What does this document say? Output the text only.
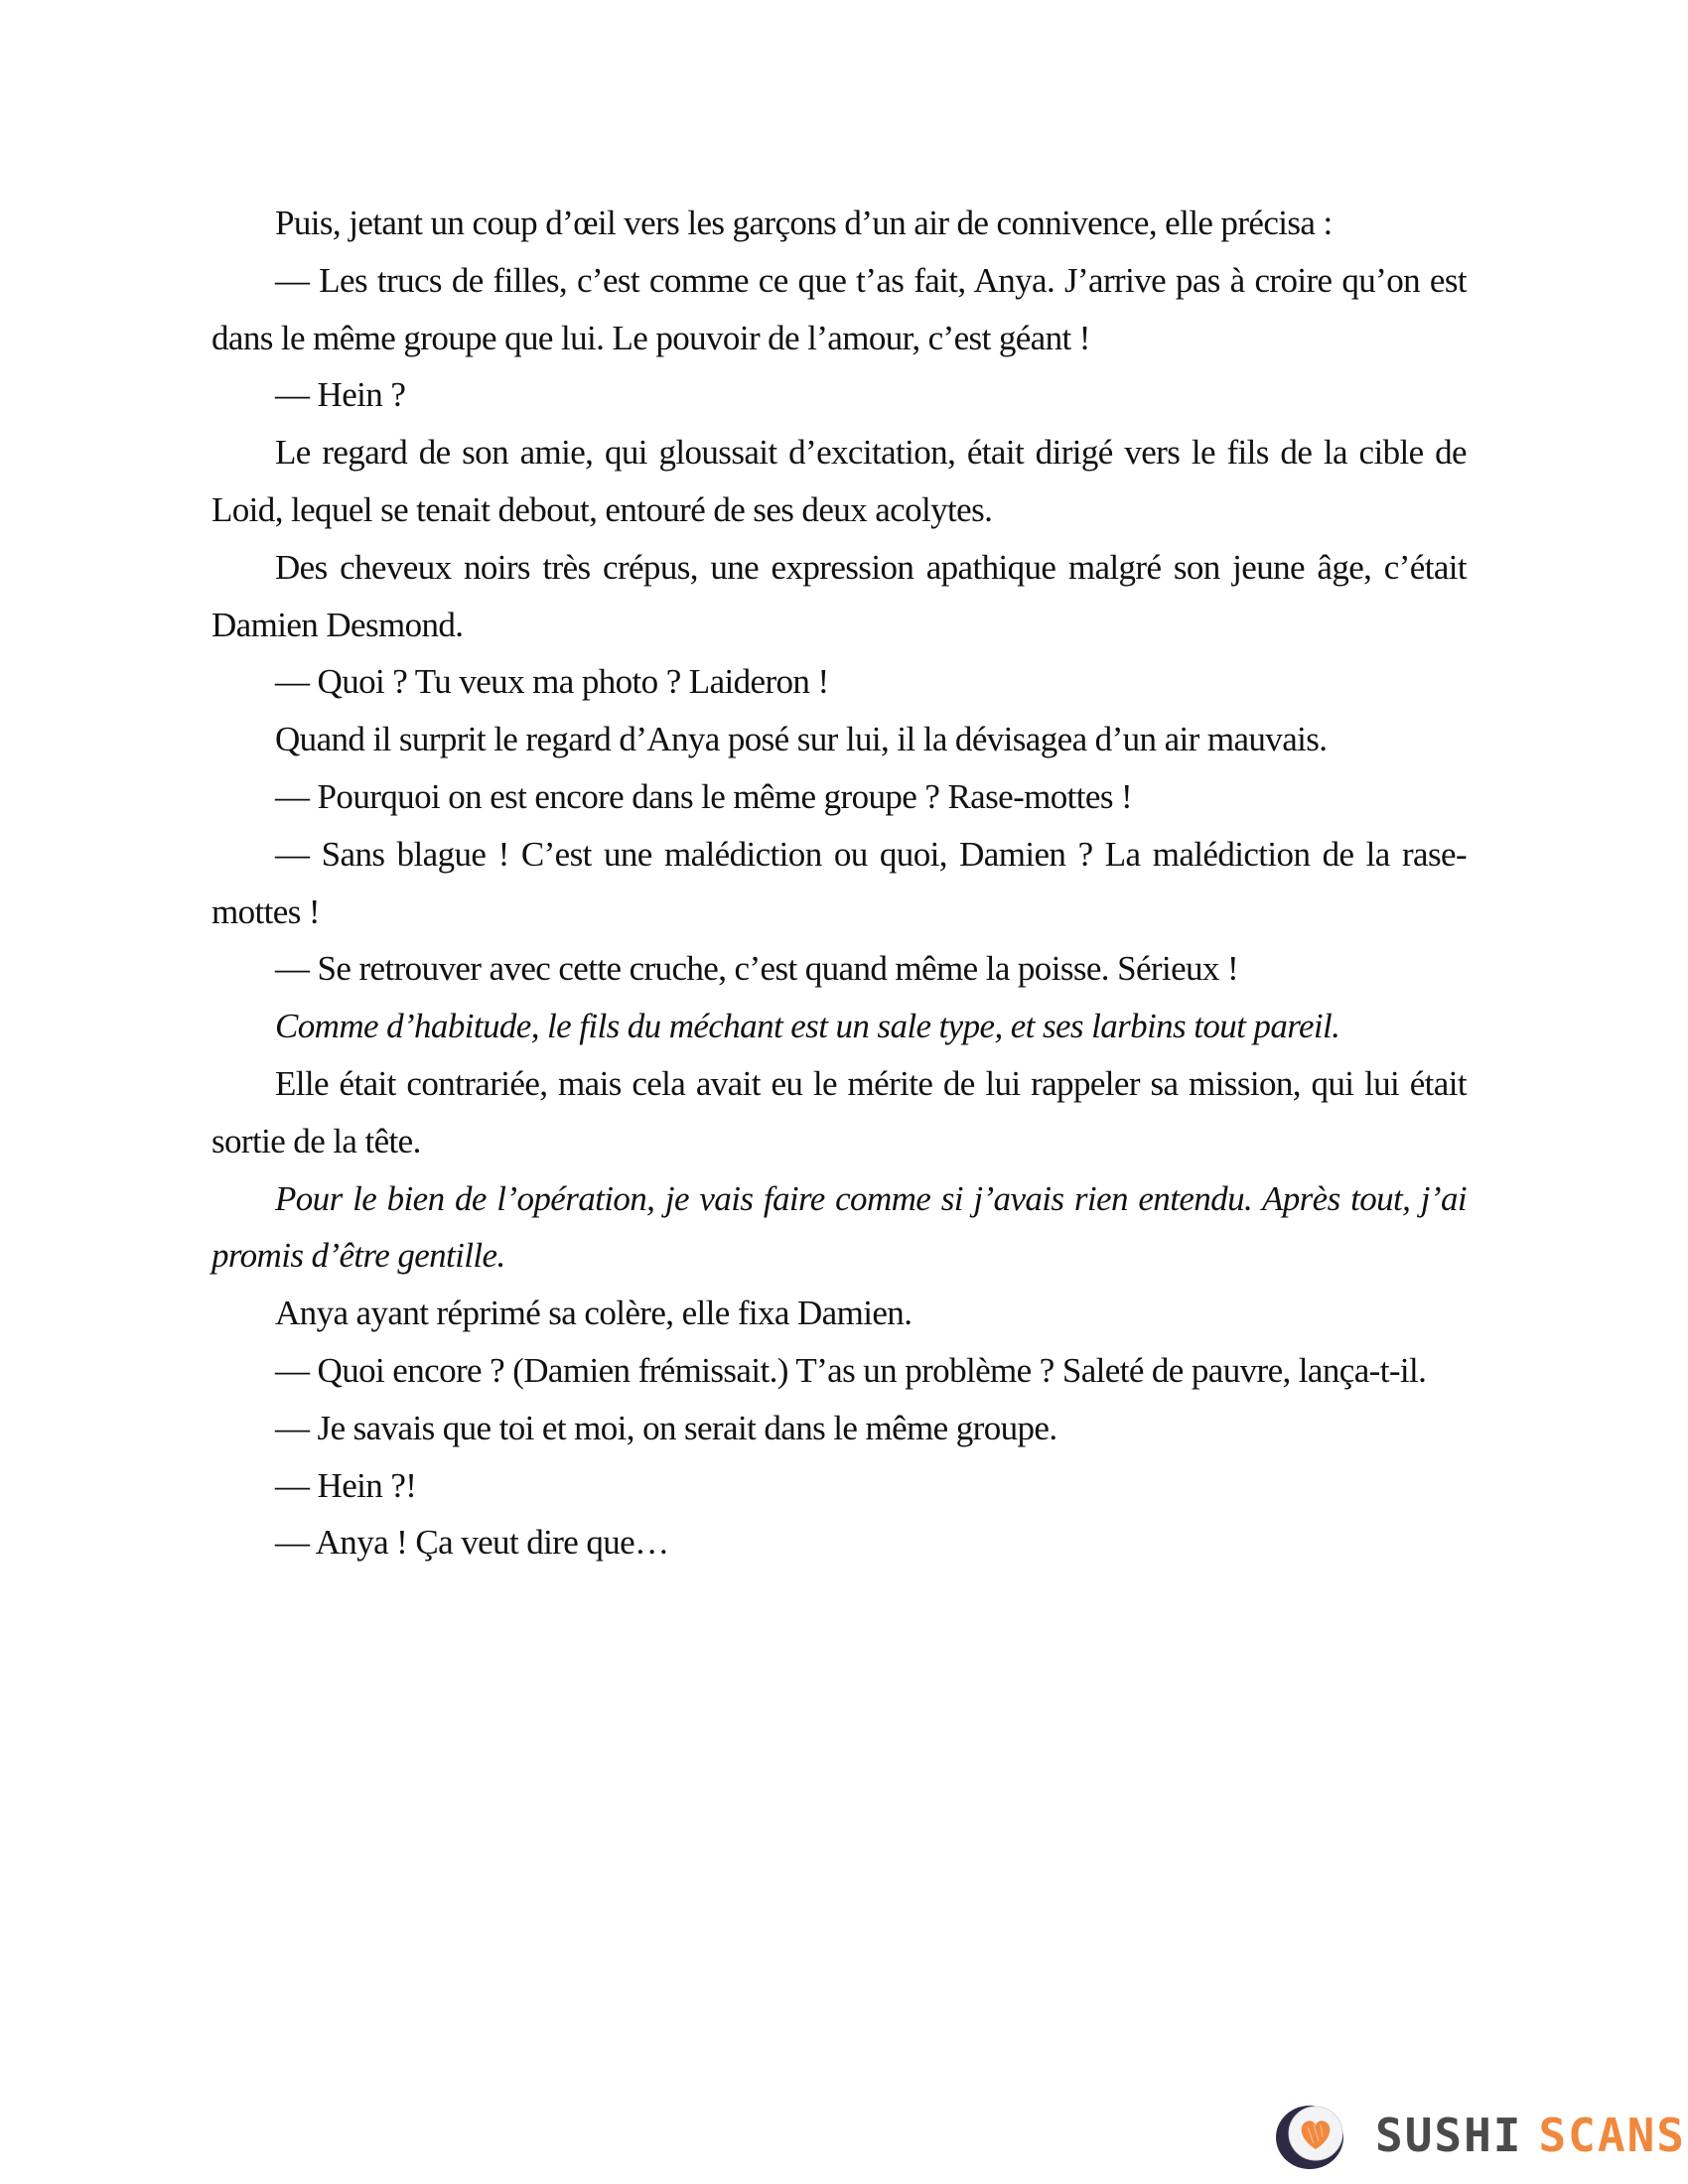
Puis, jetant un coup d’œil vers les garçons d’un air de connivence, elle précisa :

— Les trucs de filles, c’est comme ce que t’as fait, Anya. J’arrive pas à croire qu’on est dans le même groupe que lui. Le pouvoir de l’amour, c’est géant !

— Hein ?

Le regard de son amie, qui gloussait d’excitation, était dirigé vers le fils de la cible de Loid, lequel se tenait debout, entouré de ses deux acolytes.

Des cheveux noirs très crépus, une expression apathique malgré son jeune âge, c’était Damien Desmond.

— Quoi ? Tu veux ma photo ? Laideron !

Quand il surprit le regard d’Anya posé sur lui, il la dévisagea d’un air mauvais.

— Pourquoi on est encore dans le même groupe ? Rase-mottes !

— Sans blague ! C’est une malédiction ou quoi, Damien ? La malédiction de la rase-mottes !

— Se retrouver avec cette cruche, c’est quand même la poisse. Sérieux !

Comme d’habitude, le fils du méchant est un sale type, et ses larbins tout pareil.

Elle était contrariée, mais cela avait eu le mérite de lui rappeler sa mission, qui lui était sortie de la tête.

Pour le bien de l’opération, je vais faire comme si j’avais rien entendu. Après tout, j’ai promis d’être gentille.

Anya ayant réprimé sa colère, elle fixa Damien.

— Quoi encore ? (Damien frémissait.) T’as un problème ? Saleté de pauvre, lança-t-il.

— Je savais que toi et moi, on serait dans le même groupe.

— Hein ?!

— Anya ! Ça veut dire que…

SUSHI SCANS
